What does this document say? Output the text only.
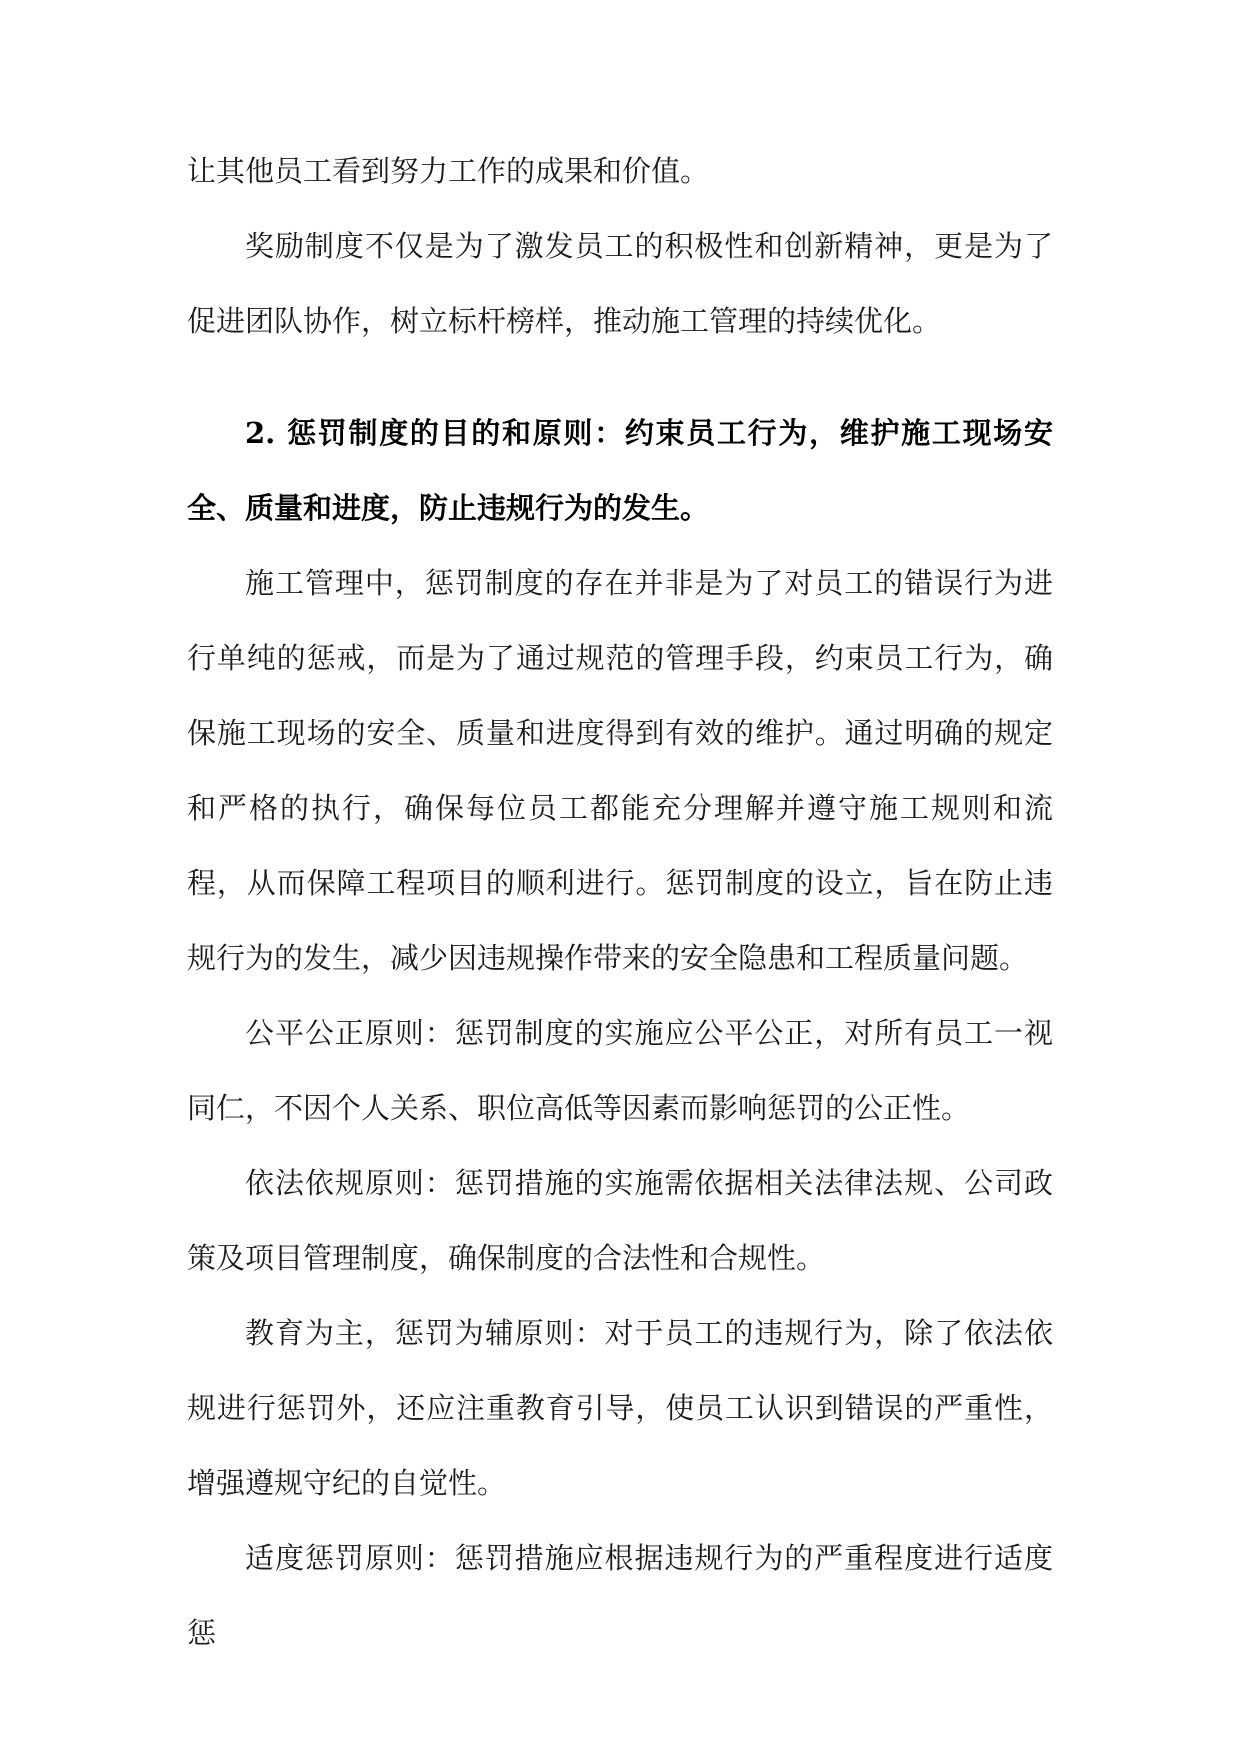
让其他员工看到努力工作的成果和价值。

奖励制度不仅是为了激发员工的积极性和创新精神，更是为了促进团队协作，树立标杆榜样，推动施工管理的持续优化。

2. 惩罚制度的目的和原则：约束员工行为，维护施工现场安全、质量和进度，防止违规行为的发生。

施工管理中，惩罚制度的存在并非是为了对员工的错误行为进行单纯的惩戒，而是为了通过规范的管理手段，约束员工行为，确保施工现场的安全、质量和进度得到有效的维护。通过明确的规定和严格的执行，确保每位员工都能充分理解并遵守施工规则和流程，从而保障工程项目的顺利进行。惩罚制度的设立，旨在防止违规行为的发生，减少因违规操作带来的安全隐患和工程质量问题。

公平公正原则：惩罚制度的实施应公平公正，对所有员工一视同仁，不因个人关系、职位高低等因素而影响惩罚的公正性。

依法依规原则：惩罚措施的实施需依据相关法律法规、公司政策及项目管理制度，确保制度的合法性和合规性。

教育为主，惩罚为辅原则：对于员工的违规行为，除了依法依规进行惩罚外，还应注重教育引导，使员工认识到错误的严重性，增强遵规守纪的自觉性。

适度惩罚原则：惩罚措施应根据违规行为的严重程度进行适度惩
